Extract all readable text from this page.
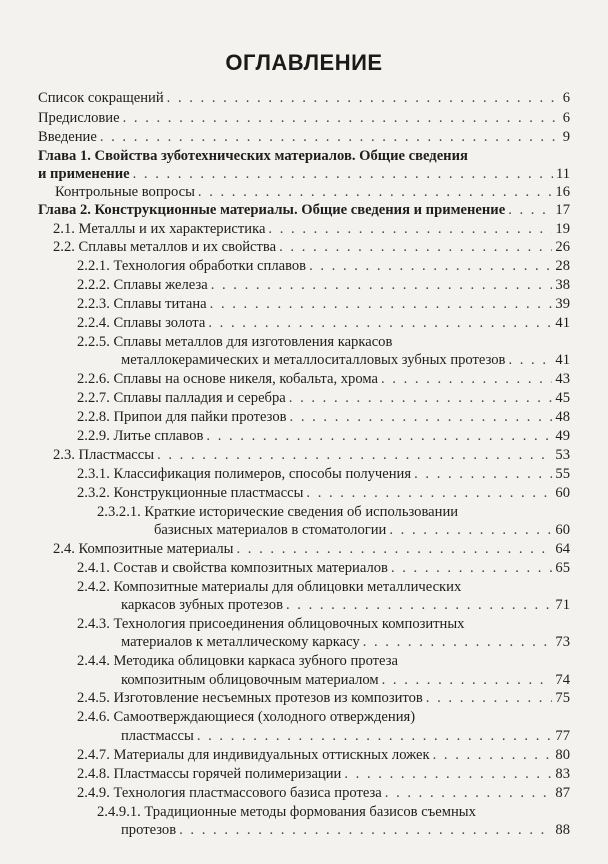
ОГЛАВЛЕНИЕ
Список сокращений . . .	6
Предисловие . . .	6
Введение . . .	9
Глава 1. Свойства зуботехнических материалов. Общие сведения
и применение . . .	11
Контрольные вопросы . . .	16
Глава 2. Конструкционные материалы. Общие сведения и применение . . .	17
2.1. Металлы и их характеристика . . .	19
2.2. Сплавы металлов и их свойства . . .	26
2.2.1. Технология обработки сплавов . . .	28
2.2.2. Сплавы железа . . .	38
2.2.3. Сплавы титана . . .	39
2.2.4. Сплавы золота . . .	41
2.2.5. Сплавы металлов для изготовления каркасов
металлокерамических и металлоситалловых зубных протезов . . .	41
2.2.6. Сплавы на основе никеля, кобальта, хрома . . .	43
2.2.7. Сплавы палладия и серебра . . .	45
2.2.8. Припои для пайки протезов . . .	48
2.2.9. Литье сплавов . . .	49
2.3. Пластмассы . . .	53
2.3.1. Классификация полимеров, способы получения . . .	55
2.3.2. Конструкционные пластмассы . . .	60
2.3.2.1. Краткие исторические сведения об использовании
базисных материалов в стоматологии . . .	60
2.4. Композитные материалы . . .	64
2.4.1. Состав и свойства композитных материалов . . .	65
2.4.2. Композитные материалы для облицовки металлических
каркасов зубных протезов . . .	71
2.4.3. Технология присоединения облицовочных композитных
материалов к металлическому каркасу . . .	73
2.4.4. Методика облицовки каркаса зубного протеза
композитным облицовочным материалом . . .	74
2.4.5. Изготовление несъемных протезов из композитов . . .	75
2.4.6. Самоотверждающиеся (холодного отверждения)
пластмассы . . .	77
2.4.7. Материалы для индивидуальных оттискных ложек . . .	80
2.4.8. Пластмассы горячей полимеризации . . .	83
2.4.9. Технология пластмассового базиса протеза . . .	87
2.4.9.1. Традиционные методы формования базисов съемных
протезов . . .	88
